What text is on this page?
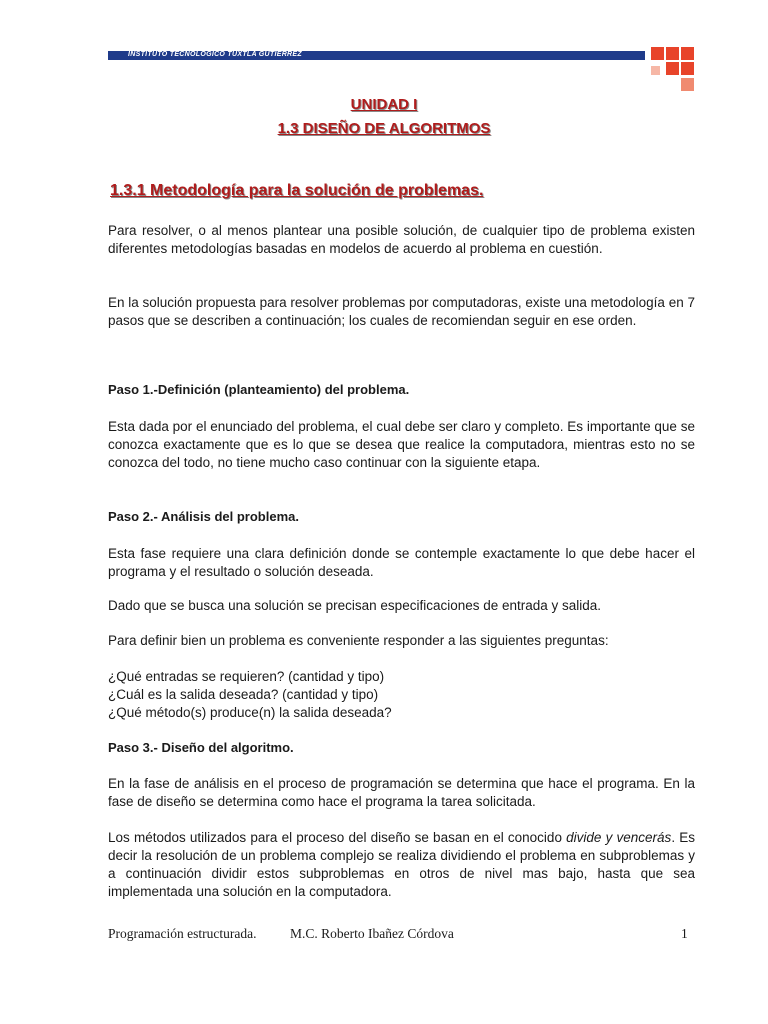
INSTITUTO TECNOLÓGICO TUXTLA GUTIÉRREZ
UNIDAD I
1.3 DISEÑO DE ALGORITMOS
1.3.1 Metodología para la solución de problemas.

Para resolver, o al menos plantear una posible solución, de cualquier tipo de problema existen diferentes metodologías basadas en modelos de acuerdo al problema en cuestión.

En la solución propuesta para resolver problemas por computadoras, existe una metodología en 7 pasos que se describen a continuación; los cuales de recomiendan seguir en ese orden.

Paso 1.-Definición (planteamiento) del problema.

Esta dada por el enunciado del problema, el cual debe ser claro y completo. Es importante que se conozca exactamente que es lo que se desea que realice la computadora, mientras esto no se conozca del todo, no tiene mucho caso continuar con la siguiente etapa.

Paso 2.- Análisis del problema.

Esta fase requiere una clara definición donde se contemple exactamente lo que debe hacer el programa y el resultado o solución deseada.

Dado que se busca una solución se precisan especificaciones de entrada y salida.

Para definir bien un problema es conveniente responder a las siguientes preguntas:

¿Qué entradas se requieren? (cantidad y tipo)

¿Cuál es la salida deseada? (cantidad y tipo)

¿Qué método(s) produce(n) la salida deseada?

Paso 3.- Diseño del algoritmo.

En la fase de análisis en el proceso de programación se determina que hace el programa. En la fase de diseño se determina como hace el programa la tarea solicitada.

Los métodos utilizados para el proceso del diseño se basan en el conocido divide y vencerás. Es decir la resolución de un problema complejo se realiza dividiendo el problema en subproblemas y a continuación dividir estos subproblemas en otros de nivel mas bajo, hasta que sea implementada una solución en la computadora.

Programación estructurada. M.C. Roberto Ibañez Córdova	1
